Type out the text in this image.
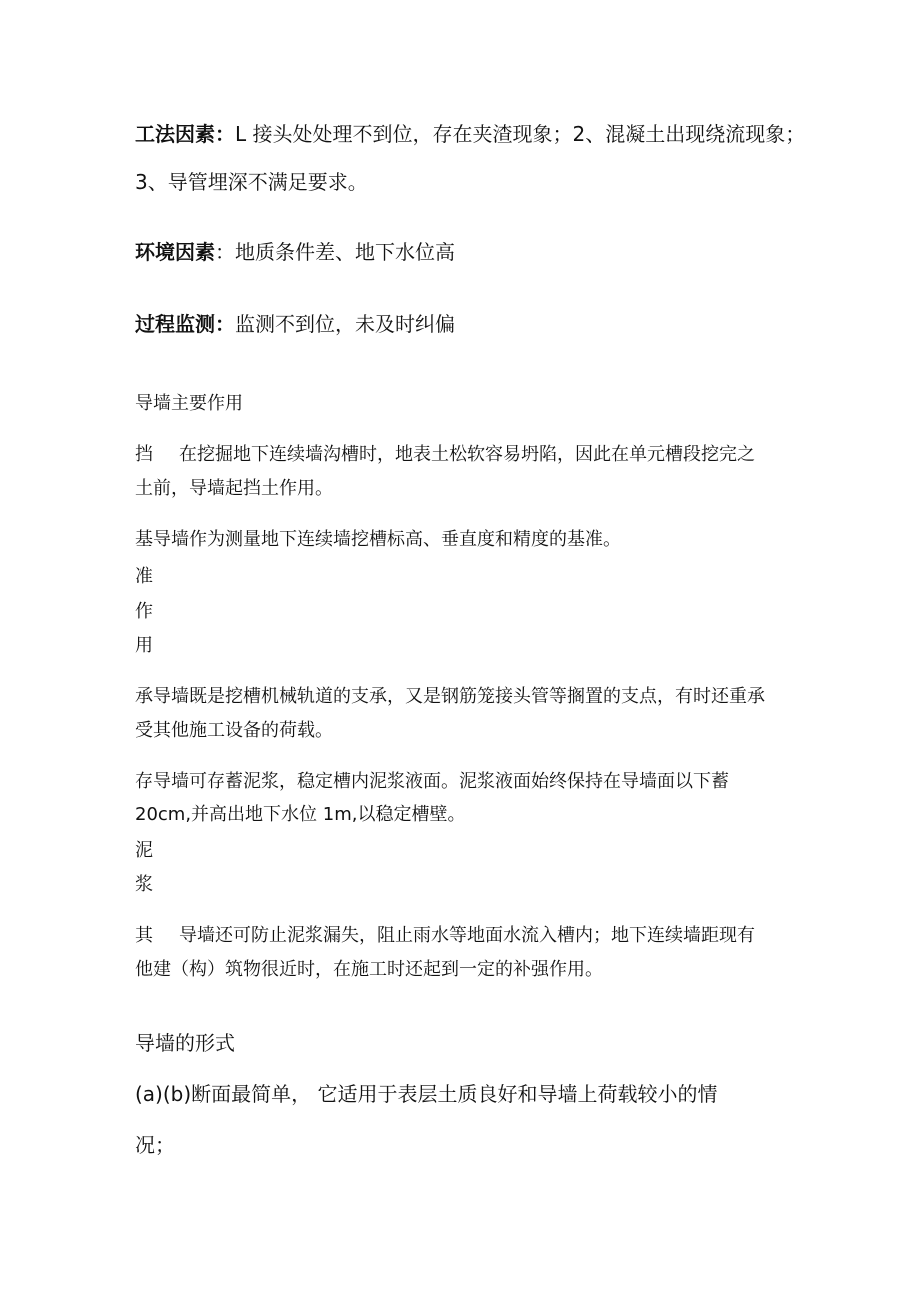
工法因素：L 接头处处理不到位，存在夹渣现象；2、混凝土出现绕流现象；
3、导管埋深不满足要求。
环境因素：地质条件差、地下水位高
过程监测：监测不到位，未及时纠偏
导墙主要作用
挡 在挖掘地下连续墙沟槽时，地表土松软容易坍陷，因此在单元槽段挖完之
土前，导墙起挡土作用。
基导墙作为测量地下连续墙挖槽标高、垂直度和精度的基准。
准
作
用
承导墙既是挖槽机械轨道的支承，又是钢筋笼接头管等搁置的支点，有时还重承
受其他施工设备的荷载。
存导墙可存蓄泥浆，稳定槽内泥浆液面。泥浆液面始终保持在导墙面以下蓄
20cm,并高出地下水位 1m,以稳定槽壁。
泥
浆
其 导墙还可防止泥浆漏失，阻止雨水等地面水流入槽内；地下连续墙距现有
他建（构）筑物很近时，在施工时还起到一定的补强作用。
导墙的形式
(a)(b)断面最简单， 它适用于表层土质良好和导墙上荷载较小的情
况；
